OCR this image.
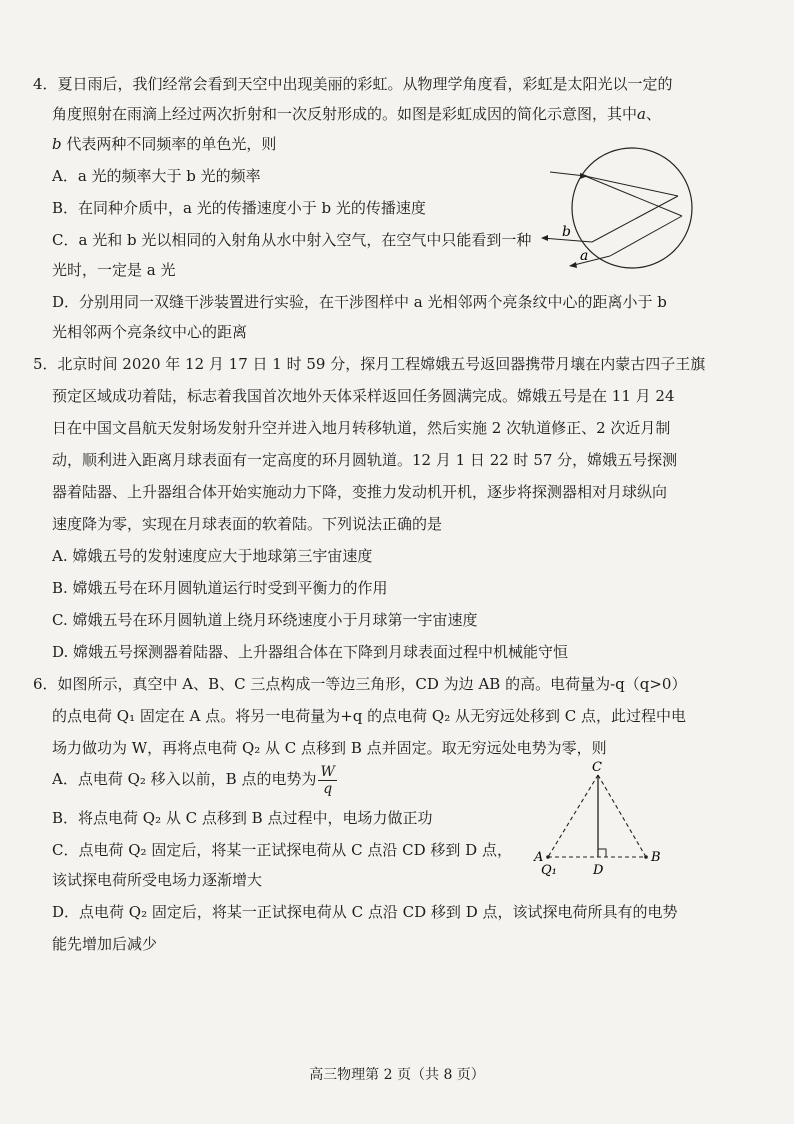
4．夏日雨后，我们经常会看到天空中出现美丽的彩虹。从物理学角度看，彩虹是太阳光以一定的
角度照射在雨滴上经过两次折射和一次反射形成的。如图是彩虹成因的简化示意图，其中a、
b 代表两种不同频率的单色光，则
A．a 光的频率大于 b 光的频率
B．在同种介质中，a 光的传播速度小于 b 光的传播速度
C．a 光和 b 光以相同的入射角从水中射入空气，在空气中只能看到一种
光时，一定是 a 光
D．分别用同一双缝干涉装置进行实验，在干涉图样中 a 光相邻两个亮条纹中心的距离小于 b
光相邻两个亮条纹中心的距离
b
a
5．北京时间 2020 年 12 月 17 日 1 时 59 分，探月工程嫦娥五号返回器携带月壤在内蒙古四子王旗
预定区域成功着陆，标志着我国首次地外天体采样返回任务圆满完成。嫦娥五号是在 11 月 24
日在中国文昌航天发射场发射升空并进入地月转移轨道，然后实施 2 次轨道修正、2 次近月制
动，顺利进入距离月球表面有一定高度的环月圆轨道。12 月 1 日 22 时 57 分，嫦娥五号探测
器着陆器、上升器组合体开始实施动力下降，变推力发动机开机，逐步将探测器相对月球纵向
速度降为零，实现在月球表面的软着陆。下列说法正确的是
A. 嫦娥五号的发射速度应大于地球第三宇宙速度
B. 嫦娥五号在环月圆轨道运行时受到平衡力的作用
C. 嫦娥五号在环月圆轨道上绕月环绕速度小于月球第一宇宙速度
D. 嫦娥五号探测器着陆器、上升器组合体在下降到月球表面过程中机械能守恒
6．如图所示，真空中 A、B、C 三点构成一等边三角形，CD 为边 AB 的高。电荷量为-q（q>0）
的点电荷 Q₁ 固定在 A 点。将另一电荷量为+q 的点电荷 Q₂ 从无穷远处移到 C 点，此过程中电
场力做功为 W，再将点电荷 Q₂ 从 C 点移到 B 点并固定。取无穷远处电势为零，则
A．点电荷 Q₂ 移入以前，B 点的电势为 $\frac{W}{q}$
B．将点电荷 Q₂ 从 C 点移到 B 点过程中，电场力做正功
C．点电荷 Q₂ 固定后，将某一正试探电荷从 C 点沿 CD 移到 D 点，
该试探电荷所受电场力逐渐增大
D．点电荷 Q₂ 固定后，将某一正试探电荷从 C 点沿 CD 移到 D 点，该试探电荷所具有的电势
能先增加后减少
C
A	B
D
Q₁
高三物理第 2 页（共 8 页）
